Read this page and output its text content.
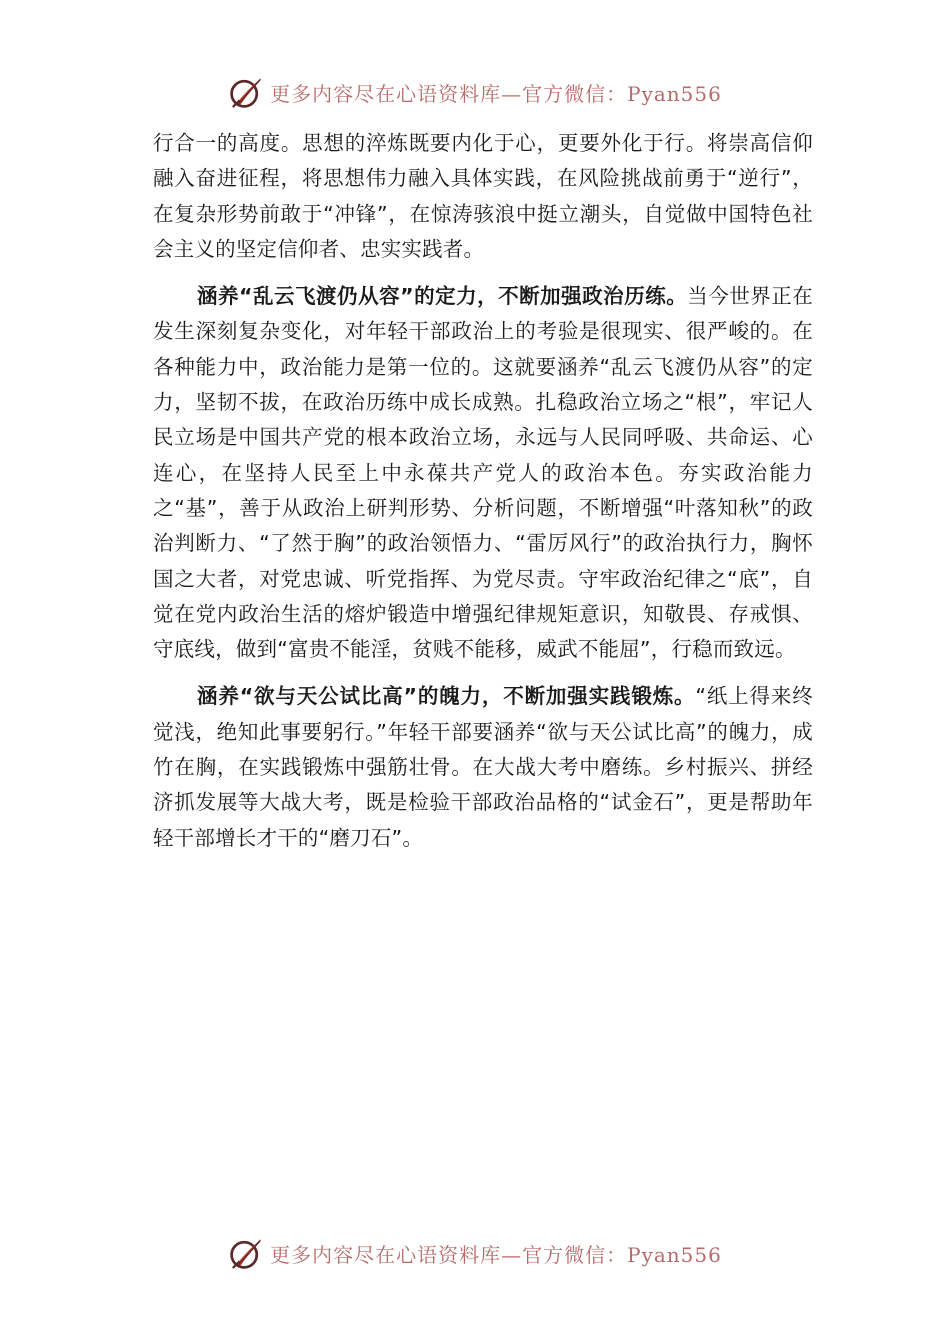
更多内容尽在心语资料库—官方微信：Pyan556

行合一的高度。思想的淬炼既要内化于心，更要外化于行。将崇高信仰融入奋进征程，将思想伟力融入具体实践，在风险挑战前勇于“逆行”，在复杂形势前敢于“冲锋”，在惊涛骇浪中挺立潮头，自觉做中国特色社会主义的坚定信仰者、忠实实践者。

涵养“乱云飞渡仍从容”的定力，不断加强政治历练。当今世界正在发生深刻复杂变化，对年轻干部政治上的考验是很现实、很严峻的。在各种能力中，政治能力是第一位的。这就要涵养“乱云飞渡仍从容”的定力，坚韧不拔，在政治历练中成长成熟。扎稳政治立场之“根”，牢记人民立场是中国共产党的根本政治立场，永远与人民同呼吸、共命运、心连心，在坚持人民至上中永葆共产党人的政治本色。夯实政治能力之“基”，善于从政治上研判形势、分析问题，不断增强“叶落知秋”的政治判断力、“了然于胸”的政治领悟力、“雷厉风行”的政治执行力，胸怀国之大者，对党忠诚、听党指挥、为党尽责。守牢政治纪律之“底”，自觉在党内政治生活的熔炉锻造中增强纪律规矩意识，知敬畏、存戒惧、守底线，做到“富贵不能淫，贫贱不能移，威武不能屈”，行稳而致远。

涵养“欲与天公试比高”的魄力，不断加强实践锻炼。“纸上得来终觉浅，绝知此事要躬行。”年轻干部要涵养“欲与天公试比高”的魄力，成竹在胸，在实践锻炼中强筋壮骨。在大战大考中磨练。乡村振兴、拼经济抓发展等大战大考，既是检验干部政治品格的“试金石”，更是帮助年轻干部增长才干的“磨刀石”。

更多内容尽在心语资料库—官方微信：Pyan556
